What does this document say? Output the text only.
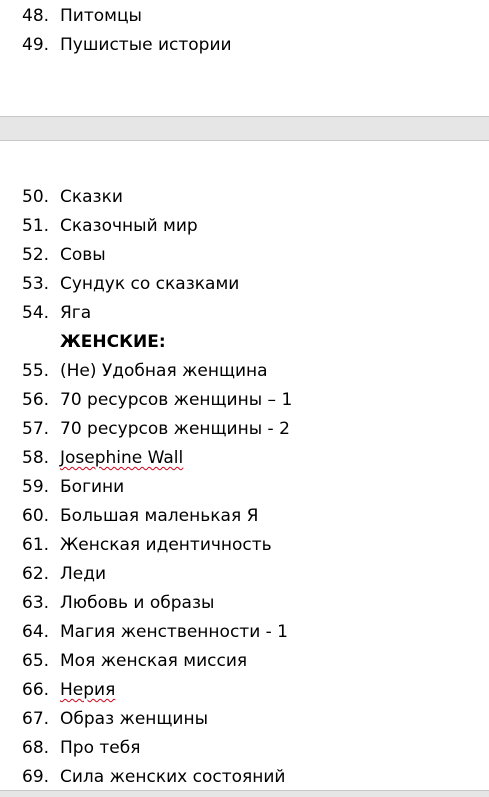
48. Питомцы
49. Пушистые истории
50. Сказки
51. Сказочный мир
52. Совы
53. Сундук со сказками
54. Яга
ЖЕНСКИЕ:
55. (Не) Удобная женщина
56. 70 ресурсов женщины – 1
57. 70 ресурсов женщины - 2
58. Josephine Wall
59. Богини
60. Большая маленькая Я
61. Женская идентичность
62. Леди
63. Любовь и образы
64. Магия женственности - 1
65. Моя женская миссия
66. Нерия
67. Образ женщины
68. Про тебя
69. Сила женских состояний
